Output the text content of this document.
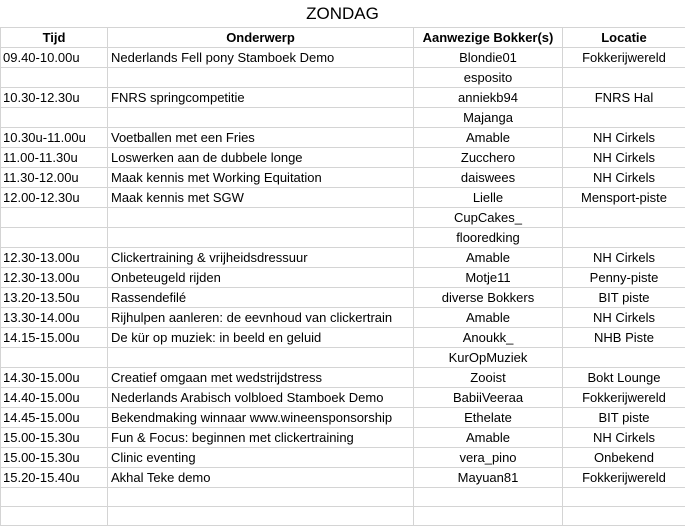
ZONDAG
Tijd	Onderwerp	Aanwezige Bokker(s)	Locatie
09.40-10.00u	Nederlands Fell pony Stamboek Demo	Blondie01	Fokkerijwereld
		esposito	
10.30-12.30u	FNRS springcompetitie	anniekb94	FNRS Hal
		Majanga	
10.30u-11.00u	Voetballen met een Fries	Amable	NH Cirkels
11.00-11.30u	Loswerken aan de dubbele longe	Zucchero	NH Cirkels
11.30-12.00u	Maak kennis met Working Equitation	daiswees	NH Cirkels
12.00-12.30u	Maak kennis met SGW	Lielle	Mensport-piste
		CupCakes_	
		flooredking	
12.30-13.00u	Clickertraining & vrijheidsdressuur	Amable	NH Cirkels
12.30-13.00u	Onbeteugeld rijden	Motje11	Penny-piste
13.20-13.50u	Rassendefilé	diverse Bokkers	BIT piste
13.30-14.00u	Rijhulpen aanleren: de eevnhoud van clickertrain	Amable	NH Cirkels
14.15-15.00u	De kür op muziek: in beeld en geluid	Anoukk_	NHB Piste
		KurOpMuziek	
14.30-15.00u	Creatief omgaan met wedstrijdstress	Zooist	Bokt Lounge
14.40-15.00u	Nederlands Arabisch volbloed Stamboek Demo	BabiiVeeraa	Fokkerijwereld
14.45-15.00u	Bekendmaking winnaar www.wineensponsorship	Ethelate	BIT piste
15.00-15.30u	Fun & Focus: beginnen met clickertraining	Amable	NH Cirkels
15.00-15.30u	Clinic eventing	vera_pino	Onbekend
15.20-15.40u	Akhal Teke demo	Mayuan81	Fokkerijwereld
